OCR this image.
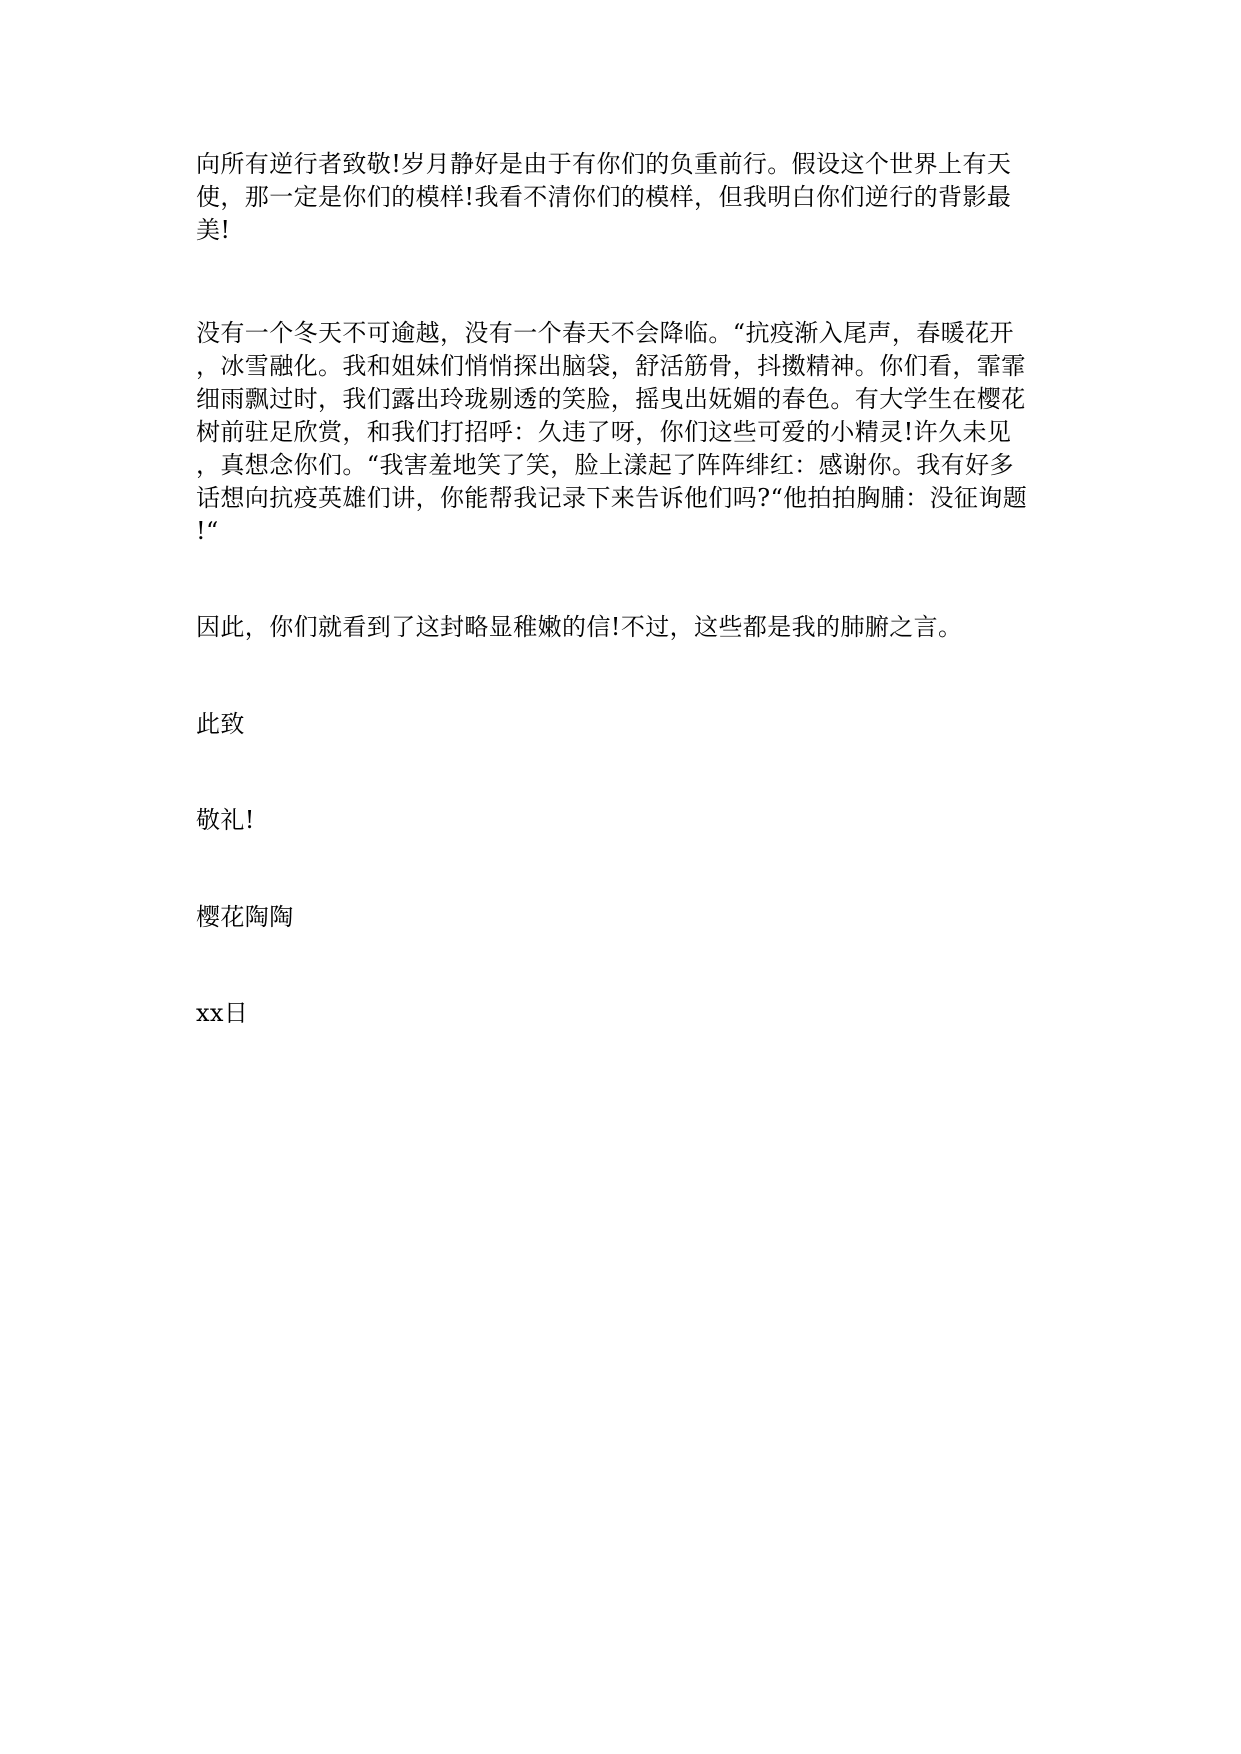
向所有逆行者致敬!岁月静好是由于有你们的负重前行。假设这个世界上有天
使，那一定是你们的模样!我看不清你们的模样，但我明白你们逆行的背影最
美!
没有一个冬天不可逾越，没有一个春天不会降临。“抗疫渐入尾声，春暖花开
，冰雪融化。我和姐妹们悄悄探出脑袋，舒活筋骨，抖擞精神。你们看，霏霏
细雨飘过时，我们露出玲珑剔透的笑脸，摇曳出妩媚的春色。有大学生在樱花
树前驻足欣赏，和我们打招呼：久违了呀，你们这些可爱的小精灵!许久未见
，真想念你们。“我害羞地笑了笑，脸上漾起了阵阵绯红：感谢你。我有好多
话想向抗疫英雄们讲，你能帮我记录下来告诉他们吗?“他拍拍胸脯：没征询题
!“
因此，你们就看到了这封略显稚嫩的信!不过，这些都是我的肺腑之言。
此致
敬礼!
樱花陶陶
xx日
